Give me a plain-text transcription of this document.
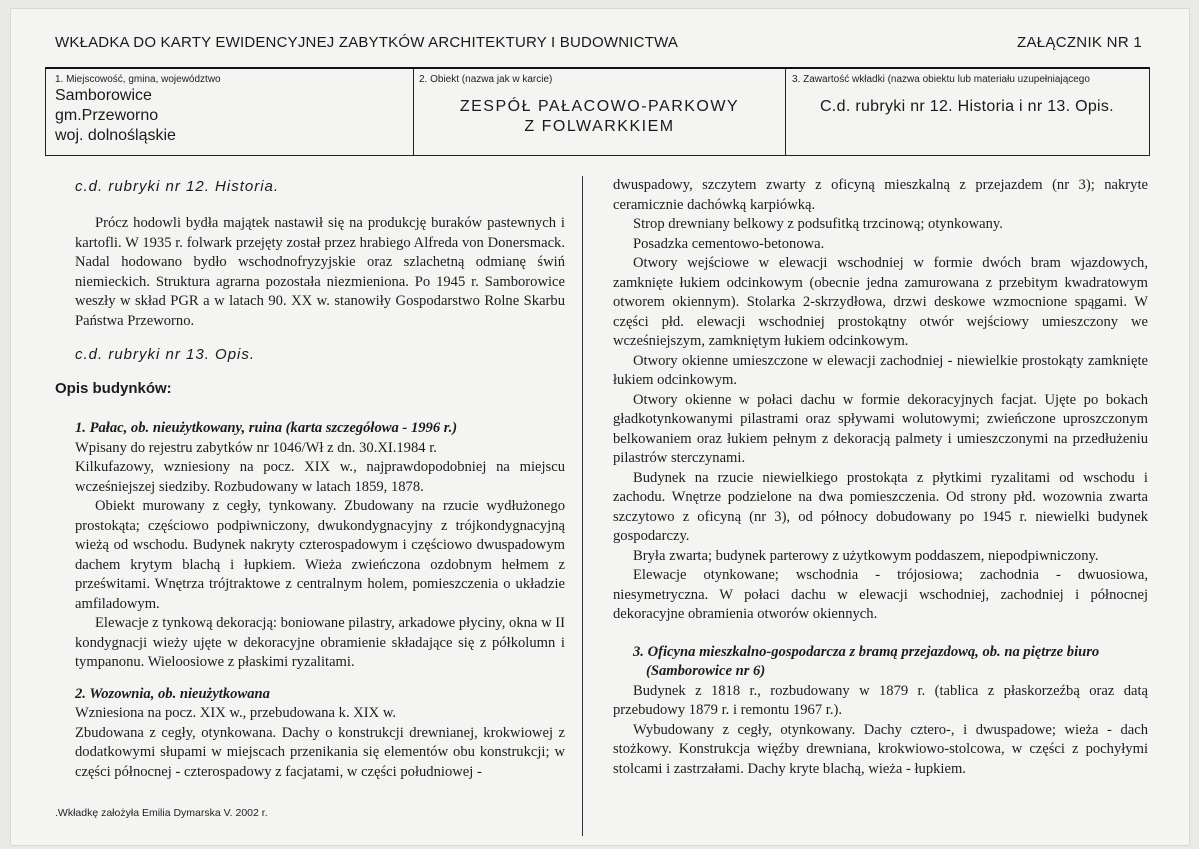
WKŁADKA DO KARTY EWIDENCYJNEJ ZABYTKÓW ARCHITEKTURY I BUDOWNICTWA	ZAŁĄCZNIK NR 1
1. Miejscowość, gmina, województwo
Samborowice
gm.Przeworno
woj. dolnośląskie
2. Obiekt (nazwa jak w karcie)
ZESPÓŁ PAŁACOWO-PARKOWY
Z FOLWARKKIEM
3. Zawartość wkładki (nazwa obiektu lub materiału uzupełniającego
C.d. rubryki nr 12. Historia i nr 13. Opis.

c.d. rubryki nr 12. Historia.

Prócz hodowli bydła majątek nastawił się na produkcję buraków pastewnych i kartofli. W 1935 r. folwark przejęty został przez hrabiego Alfreda von Donersmack. Nadal hodowano bydło wschodnofryzyjskie oraz szlachetną odmianę świń niemieckich. Struktura agrarna pozostała niezmieniona. Po 1945 r. Samborowice weszły w skład PGR a w latach 90. XX w. stanowiły Gospodarstwo Rolne Skarbu Państwa Przeworno.

c.d. rubryki nr 13. Opis.

Opis budynków:

1. Pałac, ob. nieużytkowany, ruina (karta szczegółowa - 1996 r.)

Wpisany do rejestru zabytków nr 1046/Wł z dn. 30.XI.1984 r.

Kilkufazowy, wzniesiony na pocz. XIX w., najprawdopodobniej na miejscu wcześniejszej siedziby. Rozbudowany w latach 1859, 1878.

Obiekt murowany z cegły, tynkowany. Zbudowany na rzucie wydłużonego prostokąta; częściowo podpiwniczony, dwukondygnacyjny z trójkondygnacyjną wieżą od wschodu. Budynek nakryty czterospadowym i częściowo dwuspadowym dachem krytym blachą i łupkiem. Wieża zwieńczona ozdobnym hełmem z prześwitami. Wnętrza trójtraktowe z centralnym holem, pomieszczenia o układzie amfiladowym.

Elewacje z tynkową dekoracją: boniowane pilastry, arkadowe płyciny, okna w II kondygnacji wieży ujęte w dekoracyjne obramienie składające się z półkolumn i tympanonu. Wieloosiowe z płaskimi ryzalitami.

2. Wozownia, ob. nieużytkowana

Wzniesiona na pocz. XIX w., przebudowana k. XIX w.

Zbudowana z cegły, otynkowana. Dachy o konstrukcji drewnianej, krokwiowej z dodatkowymi słupami w miejscach przenikania się elementów obu konstrukcji; w części północnej - czterospadowy z facjatami, w części południowej -

dwuspadowy, szczytem zwarty z oficyną mieszkalną z przejazdem (nr 3); nakryte ceramicznie dachówką karpiówką.

Strop drewniany belkowy z podsufitką trzcinową; otynkowany.

Posadzka cementowo-betonowa.

Otwory wejściowe w elewacji wschodniej w formie dwóch bram wjazdowych, zamknięte łukiem odcinkowym (obecnie jedna zamurowana z przebitym kwadratowym otworem okiennym). Stolarka 2-skrzydłowa, drzwi deskowe wzmocnione spągami. W części płd. elewacji wschodniej prostokątny otwór wejściowy umieszczony we wcześniejszym, zamkniętym łukiem odcinkowym.

Otwory okienne umieszczone w elewacji zachodniej - niewielkie prostokąty zamknięte łukiem odcinkowym.

Otwory okienne w połaci dachu w formie dekoracyjnych facjat. Ujęte po bokach gładkotynkowanymi pilastrami oraz spływami wolutowymi; zwieńczone uproszczonym belkowaniem oraz łukiem pełnym z dekoracją palmety i umieszczonymi na przedłużeniu pilastrów sterczynami.

Budynek na rzucie niewielkiego prostokąta z płytkimi ryzalitami od wschodu i zachodu. Wnętrze podzielone na dwa pomieszczenia. Od strony płd. wozownia zwarta szczytowo z oficyną (nr 3), od północy dobudowany po 1945 r. niewielki budynek gospodarczy.

Bryła zwarta; budynek parterowy z użytkowym poddaszem, niepodpiwniczony.

Elewacje otynkowane; wschodnia - trójosiowa; zachodnia - dwuosiowa, niesymetryczna. W połaci dachu w elewacji wschodniej, zachodniej i północnej dekoracyjne obramienia otworów okiennych.

3. Oficyna mieszkalno-gospodarcza z bramą przejazdową, ob. na piętrze biuro

(Samborowice nr 6)

Budynek z 1818 r., rozbudowany w 1879 r. (tablica z płaskorzeźbą oraz datą przebudowy 1879 r. i remontu 1967 r.).

Wybudowany z cegły, otynkowany. Dachy cztero-, i dwuspadowe; wieża - dach stożkowy. Konstrukcja więźby drewniana, krokwiowo-stolcowa, w części z pochyłymi stolcami i zastrzałami. Dachy kryte blachą, wieża - łupkiem.

.Wkładkę założyła Emilia Dymarska V. 2002 r.
